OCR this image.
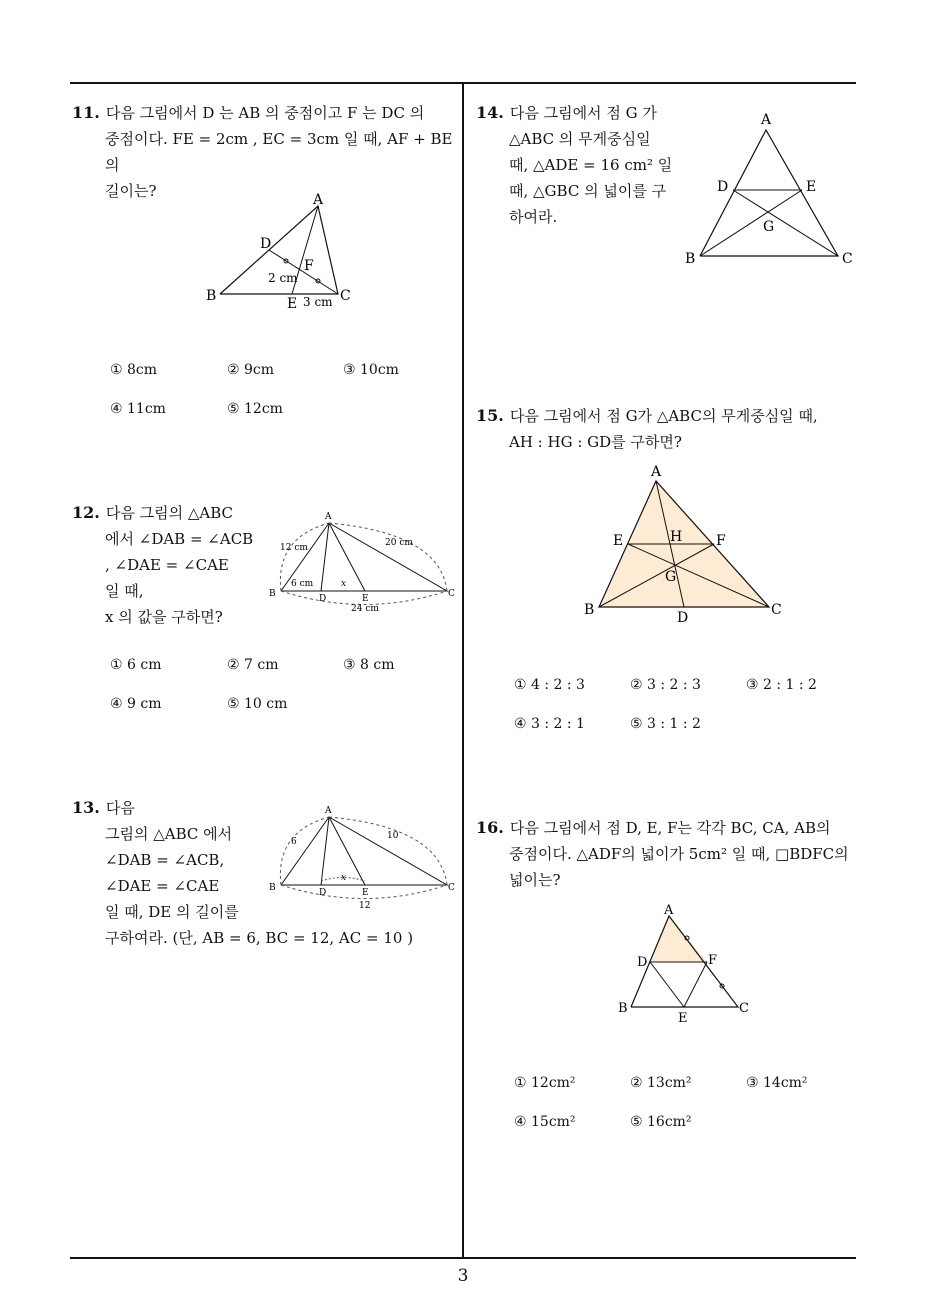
11. 다음 그림에서 D 는 AB 의 중점이고 F 는 DC 의
중점이다. FE = 2cm , EC = 3cm 일 때, AF + BE 의
길이는?	A
B	C
D
E
F
2 cm
3 cm
① 8cm	② 9cm	③ 10cm
④ 11cm	⑤ 12cm
12. 다음 그림의 △ABC
에서 ∠DAB = ∠ACB
, ∠DAE = ∠CAE
일 때,
x 의 값을 구하면?
A
B	C
D	E
12 cm	20 cm
6 cm	x
24 cm
① 6 cm	② 7 cm	③ 8 cm
④ 9 cm	⑤ 10 cm
13. 다음
그림의 △ABC 에서
∠DAB = ∠ACB,
∠DAE = ∠CAE
일 때, DE 의 길이를
구하여라. (단, AB = 6, BC = 12, AC = 10 )
A
B	C
D	E
6
10
x
12
14. 다음 그림에서 점 G 가
△ABC 의 무게중심일
때, △ADE = 16 cm² 일
때, △GBC 의 넓이를 구
하여라.
A
B	C
D	E
G
15. 다음 그림에서 점 G가 △ABC의 무게중심일 때,
AH : HG : GD를 구하면?
A
B	C
D
E	F
G
H
① 4 : 2 : 3	② 3 : 2 : 3	③ 2 : 1 : 2
④ 3 : 2 : 1	⑤ 3 : 1 : 2
16. 다음 그림에서 점 D, E, F는 각각 BC, CA, AB의
중점이다. △ADF의 넓이가 5cm² 일 때, □BDFC의
넓이는?
A
B	C
D
E
F
① 12cm²	② 13cm²	③ 14cm²
④ 15cm²	⑤ 16cm²
3
